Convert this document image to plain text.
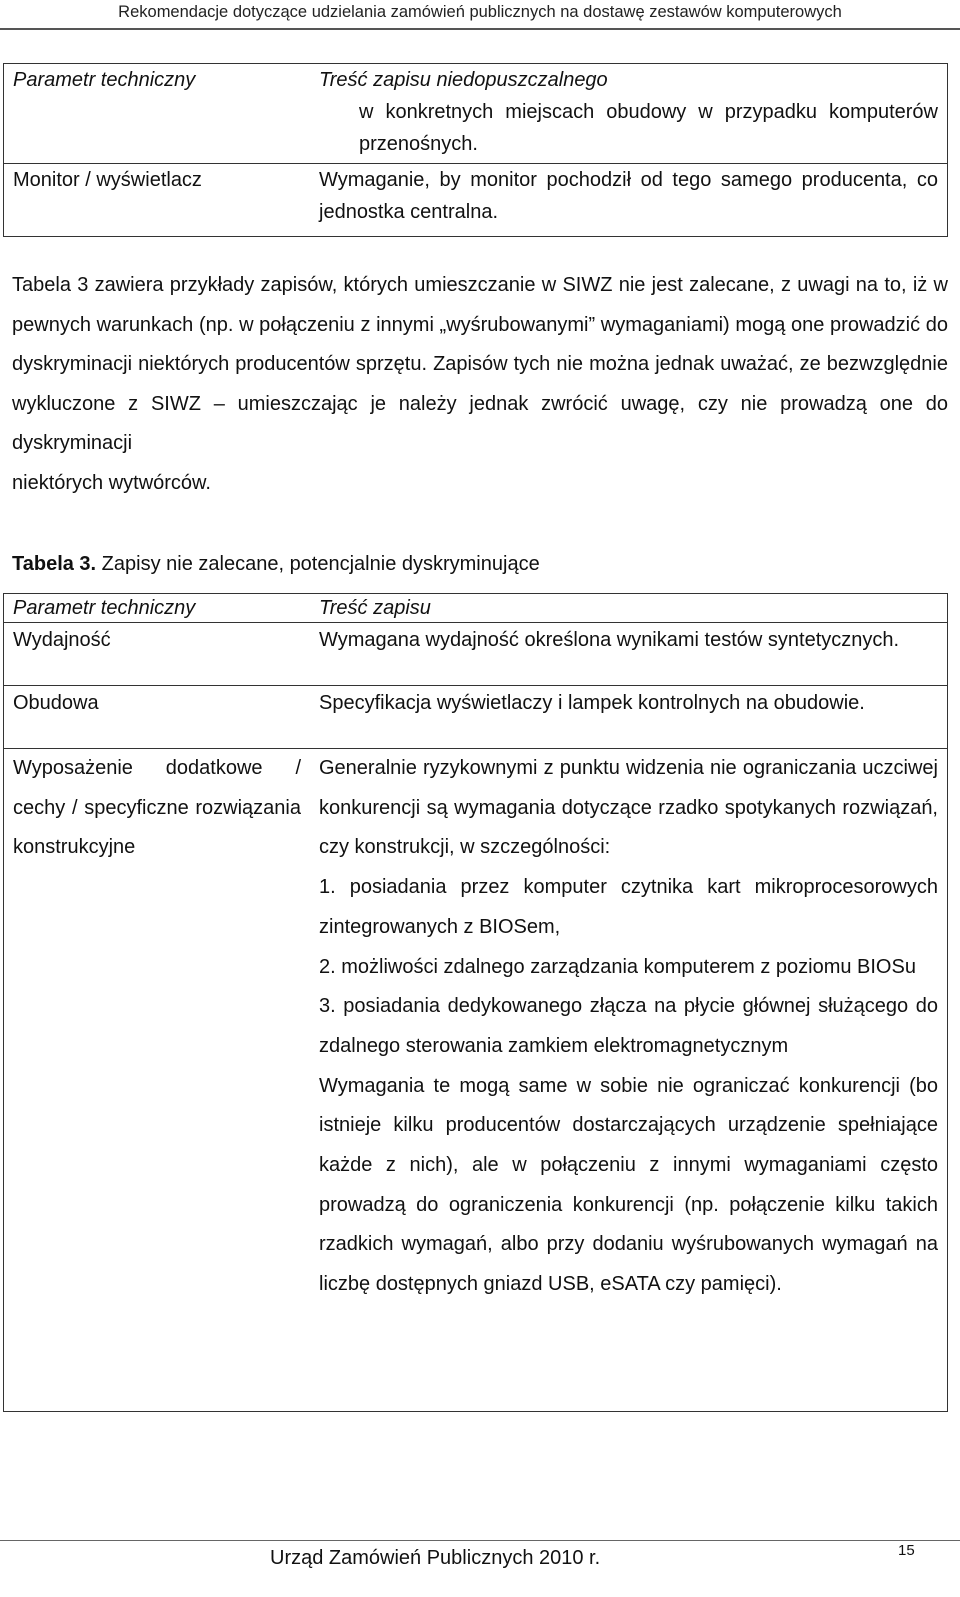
Rekomendacje dotyczące udzielania zamówień publicznych na dostawę zestawów komputerowych
Parametr techniczny	Treść zapisu niedopuszczalnego
w konkretnych miejscach obudowy w przypadku komputerów przenośnych.

Monitor / wyświetlacz	Wymaganie, by monitor pochodził od tego samego producenta, co jednostka centralna.
Tabela 3 zawiera przykłady zapisów, których umieszczanie w SIWZ nie jest zalecane, z uwagi na to, iż w pewnych warunkach (np. w połączeniu z innymi „wyśrubowanymi” wymaganiami) mogą one prowadzić do dyskryminacji niektórych producentów sprzętu. Zapisów tych nie można jednak uważać, ze bezwzględnie wykluczone z SIWZ – umieszczając je należy jednak zwrócić uwagę, czy nie prowadzą one do dyskryminacji
niektórych wytwórców.
Tabela 3. Zapisy nie zalecane, potencjalnie dyskryminujące
Parametr techniczny	Treść zapisu
Wydajność	Wymagana wydajność określona wynikami testów syntetycznych.
Obudowa	Specyfikacja wyświetlaczy i lampek kontrolnych na obudowie.
Wyposażenie dodatkowe / cechy / specyficzne rozwiązania konstrukcyjne	Generalnie ryzykownymi z punktu widzenia nie ograniczania uczciwej konkurencji są wymagania dotyczące rzadko spotykanych rozwiązań, czy konstrukcji, w szczególności:
1. posiadania przez komputer czytnika kart mikroprocesorowych zintegrowanych z BIOSem,
2. możliwości zdalnego zarządzania komputerem z poziomu BIOSu
3. posiadania dedykowanego złącza na płycie głównej służącego do zdalnego sterowania zamkiem elektromagnetycznym
Wymagania te mogą same w sobie nie ograniczać konkurencji (bo istnieje kilku producentów dostarczających urządzenie spełniające każde z nich), ale w połączeniu z innymi wymaganiami często prowadzą do ograniczenia konkurencji (np. połączenie kilku takich rzadkich wymagań, albo przy dodaniu wyśrubowanych wymagań na liczbę dostępnych gniazd USB, eSATA czy pamięci).
Urząd Zamówień Publicznych 2010 r.	15
